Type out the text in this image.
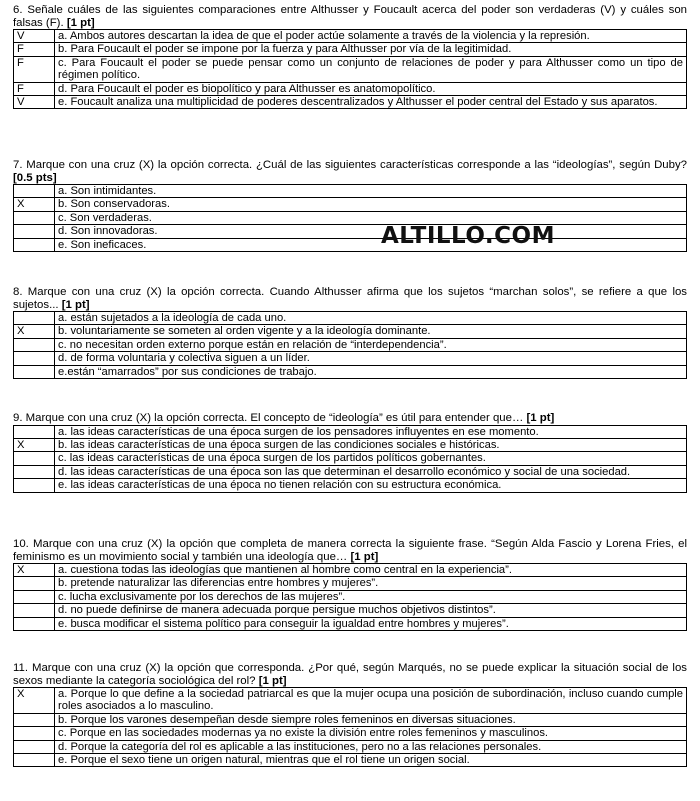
6. Señale cuáles de las siguientes comparaciones entre Althusser y Foucault acerca del poder son verdaderas (V) y cuáles son falsas (F). [1 pt]
V	a. Ambos autores descartan la idea de que el poder actúe solamente a través de la violencia y la represión.
F	b. Para Foucault el poder se impone por la fuerza y para Althusser por vía de la legitimidad.
F	c. Para Foucault el poder se puede pensar como un conjunto de relaciones de poder y para Althusser como un tipo de régimen político.
F	d. Para Foucault el poder es biopolítico y para Althusser es anatomopolítico.
V	e. Foucault analiza una multiplicidad de poderes descentralizados y Althusser el poder central del Estado y sus aparatos.
7. Marque con una cruz (X) la opción correcta. ¿Cuál de las siguientes características corresponde a las “ideologías”, según Duby? [0.5 pts]
	a. Son intimidantes.
X	b. Son conservadoras.
	c. Son verdaderas.
	d. Son innovadoras.
	e. Son ineficaces.
8. Marque con una cruz (X) la opción correcta. Cuando Althusser afirma que los sujetos “marchan solos”, se refiere a que los sujetos... [1 pt]
	a. están sujetados a la ideología de cada uno.
X	b. voluntariamente se someten al orden vigente y a la ideología dominante.
	c. no necesitan orden externo porque están en relación de “interdependencia”.
	d. de forma voluntaria y colectiva siguen a un líder.
	e.están “amarrados” por sus condiciones de trabajo.
9. Marque con una cruz (X) la opción correcta. El concepto de “ideología” es útil para entender que… [1 pt]
	a. las ideas características de una época surgen de los pensadores influyentes en ese momento.
X	b. las ideas características de una época surgen de las condiciones sociales e históricas.
	c. las ideas características de una época surgen de los partidos políticos gobernantes.
	d. las ideas características de una época son las que determinan el desarrollo económico y social de una sociedad.
	e. las ideas características de una época no tienen relación con su estructura económica.
10. Marque con una cruz (X) la opción que completa de manera correcta la siguiente frase. “Según Alda Fascio y Lorena Fries, el feminismo es un movimiento social y también una ideología que… [1 pt]
X	a. cuestiona todas las ideologías que mantienen al hombre como central en la experiencia”.
	b. pretende naturalizar las diferencias entre hombres y mujeres”.
	c. lucha exclusivamente por los derechos de las mujeres”.
	d. no puede definirse de manera adecuada porque persigue muchos objetivos distintos”.
	e. busca modificar el sistema político para conseguir la igualdad entre hombres y mujeres”.
11. Marque con una cruz (X) la opción que corresponda. ¿Por qué, según Marqués, no se puede explicar la situación social de los sexos mediante la categoría sociológica del rol? [1 pt]
X	a. Porque lo que define a la sociedad patriarcal es que la mujer ocupa una posición de subordinación, incluso cuando cumple roles asociados a lo masculino.
	b. Porque los varones desempeñan desde siempre roles femeninos en diversas situaciones.
	c. Porque en las sociedades modernas ya no existe la división entre roles femeninos y masculinos.
	d. Porque la categoría del rol es aplicable a las instituciones, pero no a las relaciones personales.
	e. Porque el sexo tiene un origen natural, mientras que el rol tiene un origen social.
ALTILLO.COM
